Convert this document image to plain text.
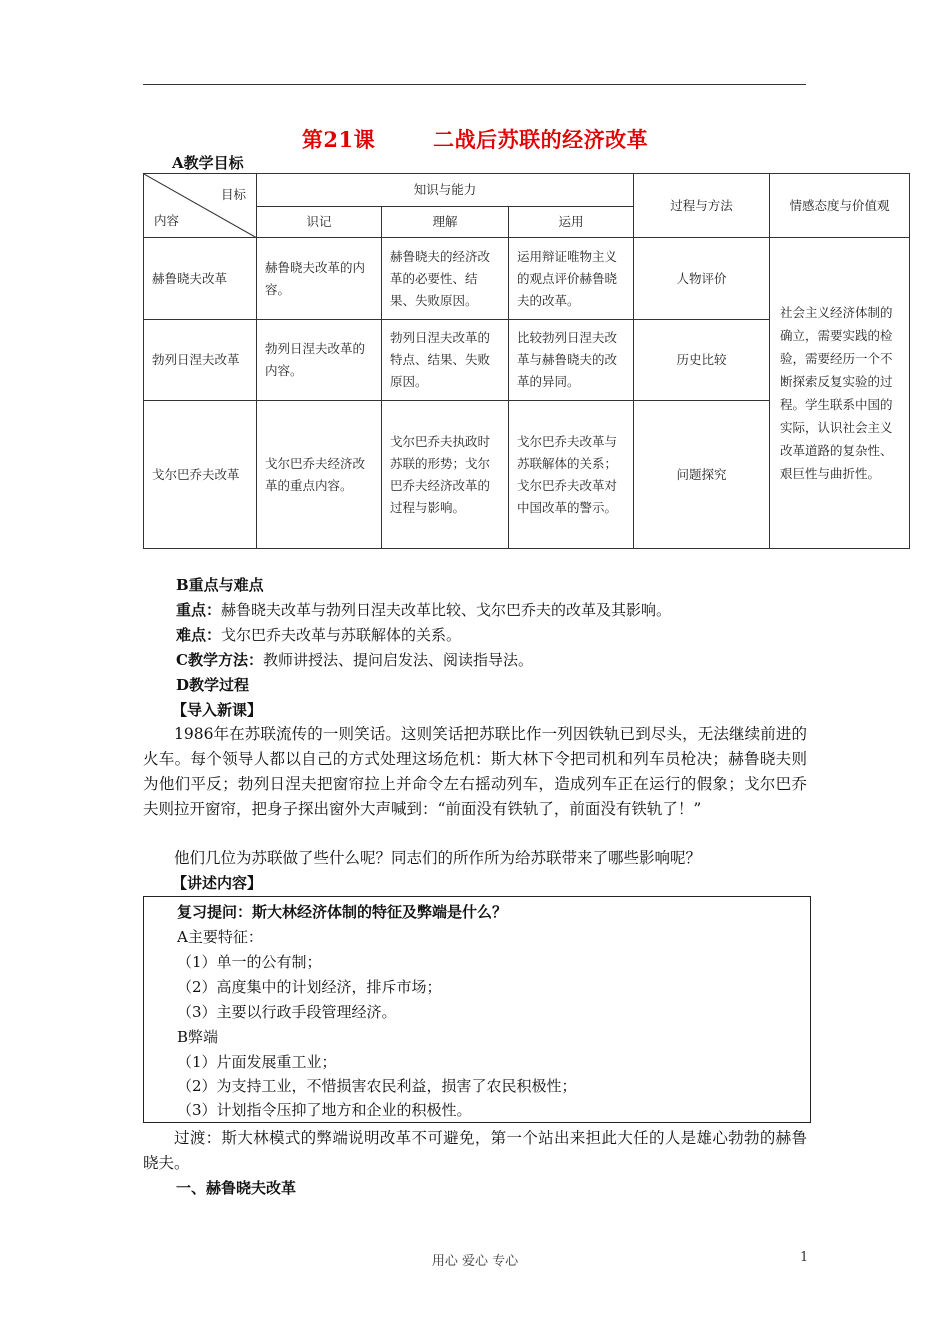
第21课	二战后苏联的经济改革
A教学目标
目标
内容	知识与能力			过程与方法	情感态度与价值观
	识记	理解	运用		
赫鲁晓夫改革	赫鲁晓夫改革的内容。	赫鲁晓夫的经济改革的必要性、结果、失败原因。	运用辩证唯物主义的观点评价赫鲁晓夫的改革。	人物评价	社会主义经济体制的确立，需要实践的检验，需要经历一个不断探索反复实验的过程。学生联系中国的实际，认识社会主义改革道路的复杂性、艰巨性与曲折性。
勃列日涅夫改革	勃列日涅夫改革的内容。	勃列日涅夫改革的特点、结果、失败原因。	比较勃列日涅夫改革与赫鲁晓夫的改革的异同。	历史比较	
戈尔巴乔夫改革	戈尔巴乔夫经济改革的重点内容。	戈尔巴乔夫执政时苏联的形势；戈尔巴乔夫经济改革的过程与影响。	戈尔巴乔夫改革与苏联解体的关系；戈尔巴乔夫改革对中国改革的警示。	问题探究	
B重点与难点
重点：赫鲁晓夫改革与勃列日涅夫改革比较、戈尔巴乔夫的改革及其影响。
难点：戈尔巴乔夫改革与苏联解体的关系。
C教学方法：教师讲授法、提问启发法、阅读指导法。
D教学过程
【导入新课】
1986年在苏联流传的一则笑话。这则笑话把苏联比作一列因铁轨已到尽头，无法继续前进的火车。每个领导人都以自己的方式处理这场危机：斯大林下令把司机和列车员枪决；赫鲁晓夫则为他们平反；勃列日涅夫把窗帘拉上并命令左右摇动列车，造成列车正在运行的假象；戈尔巴乔夫则拉开窗帘，把身子探出窗外大声喊到：“前面没有铁轨了，前面没有铁轨了！”
他们几位为苏联做了些什么呢？同志们的所作所为给苏联带来了哪些影响呢？
【讲述内容】
复习提问：斯大林经济体制的特征及弊端是什么？
A主要特征：
（1）单一的公有制；
（2）高度集中的计划经济，排斥市场；
（3）主要以行政手段管理经济。
B弊端
（1）片面发展重工业；
（2）为支持工业，不惜损害农民利益，损害了农民积极性；
（3）计划指令压抑了地方和企业的积极性。
过渡：斯大林模式的弊端说明改革不可避免，第一个站出来担此大任的人是雄心勃勃的赫鲁晓夫。
一、赫鲁晓夫改革
用心 爱心 专心	1
